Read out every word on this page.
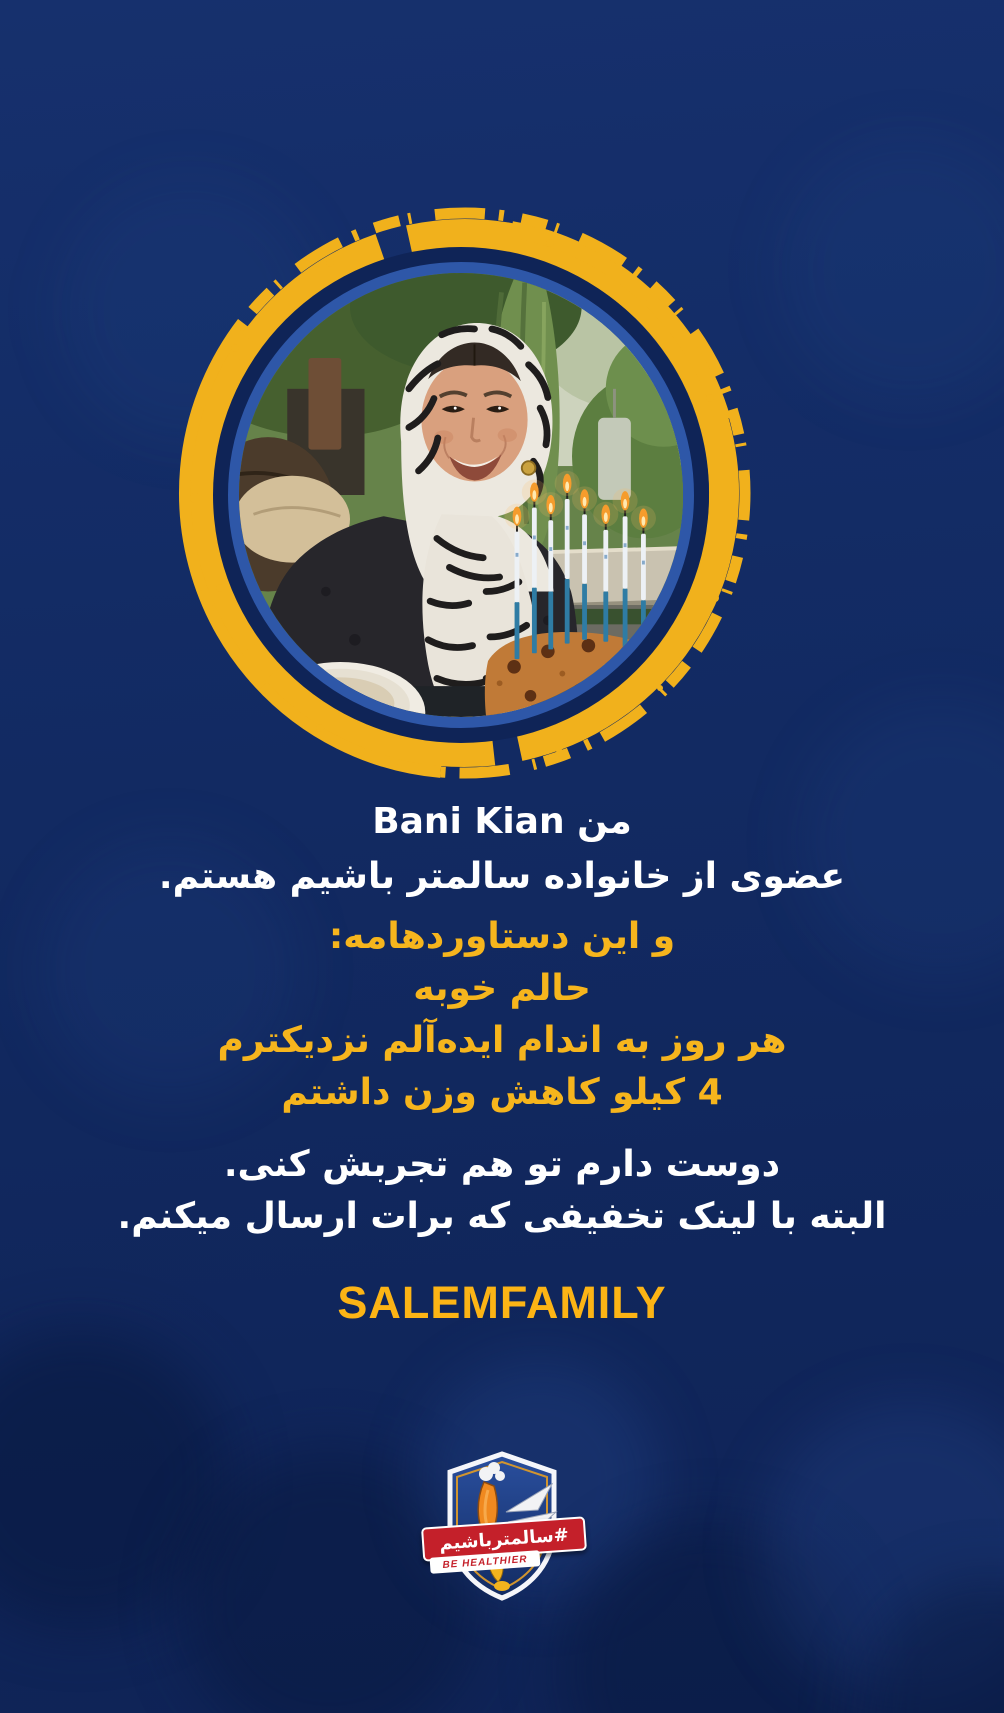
من Bani Kian
عضوی از خانواده سالمتر باشیم هستم.
و این دستاوردهامه:
حالم خوبه
هر روز به اندام ایده‌آلم نزدیکترم
4 کیلو کاهش وزن داشتم
دوست دارم تو هم تجربش کنی.
البته با لینک تخفیفی که برات ارسال میکنم.
SALEMFAMILY
#سالمترباشیم
BE HEALTHIER
